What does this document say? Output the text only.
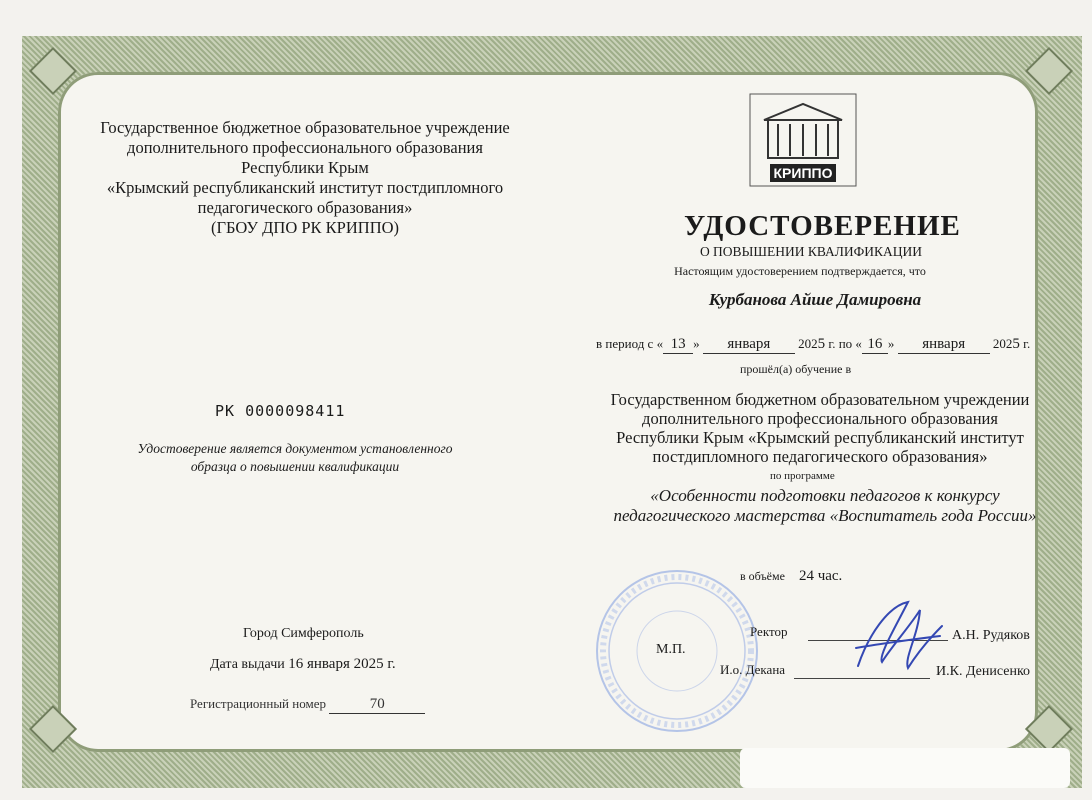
Государственное бюджетное образовательное учреждение
дополнительного профессионального образования
Республики Крым
«Крымский республиканский институт постдипломного
педагогического образования»
(ГБОУ ДПО РК КРИППО)
РК 0000098411
Удостоверение является документом установленного
образца о повышении квалификации
Город Симферополь
Дата выдачи 16 января 2025 г.
Регистрационный номер	70
КРИППО
УДОСТОВЕРЕНИЕ
О ПОВЫШЕНИИ КВАЛИФИКАЦИИ
Настоящим удостоверением подтверждается, что
Курбанова Айше Дамировна
в период с « 13 » января 2025 г. по « 16 » января 2025 г.
прошёл(а) обучение в
Государственном бюджетном образовательном учреждении
дополнительного профессионального образования
Республики Крым «Крымский республиканский институт
постдипломного педагогического образования»
по программе
«Особенности подготовки педагогов к конкурсу
педагогического мастерства «Воспитатель года России»
в объёме 24 час.
Ректор	А.Н. Рудяков
М.П.
И.о. Декана	И.К. Денисенко
